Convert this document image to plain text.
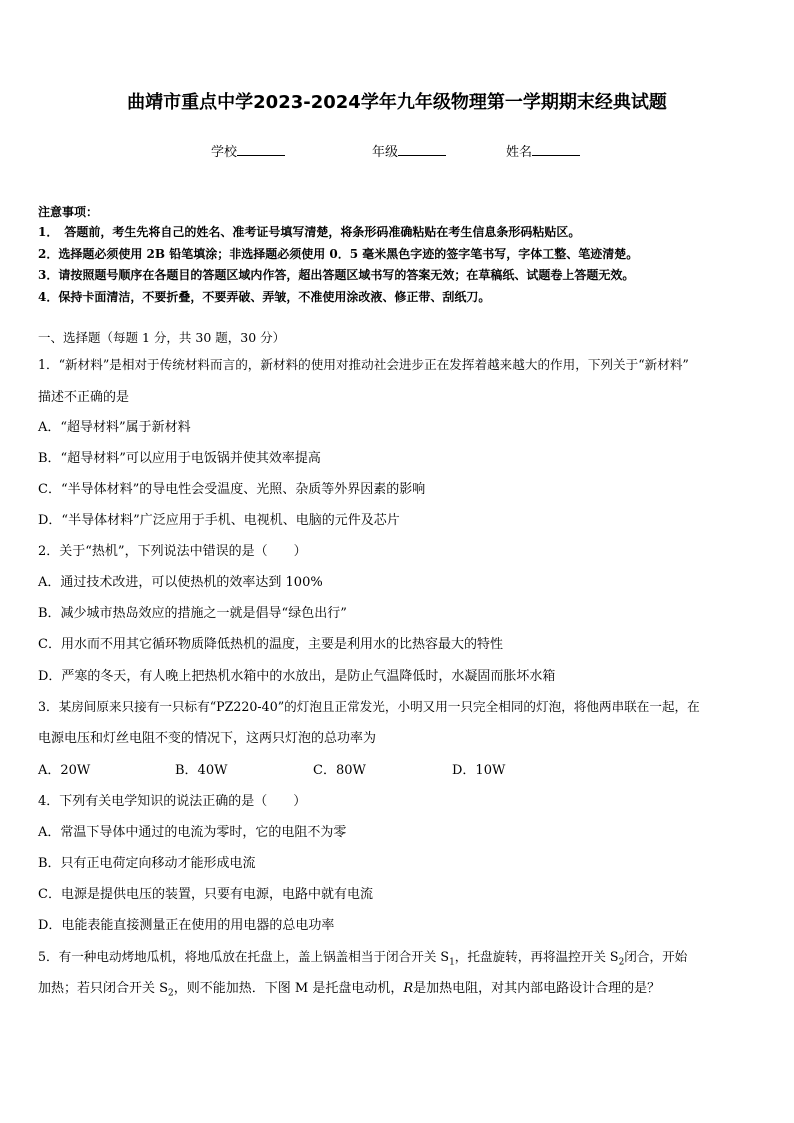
曲靖市重点中学2023-2024学年九年级物理第一学期期末经典试题
学校	年级	姓名
注意事项：
1．　答题前，考生先将自己的姓名、准考证号填写清楚，将条形码准确粘贴在考生信息条形码粘贴区。
2．选择题必须使用 2B 铅笔填涂；非选择题必须使用 0．5 毫米黑色字迹的签字笔书写，字体工整、笔迹清楚。
3．请按照题号顺序在各题目的答题区域内作答，超出答题区域书写的答案无效；在草稿纸、试题卷上答题无效。
4．保持卡面清洁，不要折叠，不要弄破、弄皱，不准使用涂改液、修正带、刮纸刀。
一、选择题（每题 1 分，共 30 题，30 分）
1．“新材料”是相对于传统材料而言的，新材料的使用对推动社会进步正在发挥着越来越大的作用，下列关于“新材料”
描述不正确的是
A．“超导材料”属于新材料
B．“超导材料”可以应用于电饭锅并使其效率提高
C．“半导体材料”的导电性会受温度、光照、杂质等外界因素的影响
D．“半导体材料”广泛应用于手机、电视机、电脑的元件及芯片
2．关于“热机”，下列说法中错误的是（　　）
A．通过技术改进，可以使热机的效率达到 100%
B．减少城市热岛效应的措施之一就是倡导“绿色出行”
C．用水而不用其它循环物质降低热机的温度，主要是利用水的比热容最大的特性
D．严寒的冬天，有人晚上把热机水箱中的水放出，是防止气温降低时，水凝固而胀坏水箱
3．某房间原来只接有一只标有“PZ220-40”的灯泡且正常发光，小明又用一只完全相同的灯泡，将他两串联在一起，在
电源电压和灯丝电阻不变的情况下，这两只灯泡的总功率为
A．20W	B．40W	C．80W	D．10W
4．下列有关电学知识的说法正确的是（　　）
A．常温下导体中通过的电流为零时，它的电阻不为零
B．只有正电荷定向移动才能形成电流
C．电源是提供电压的装置，只要有电源，电路中就有电流
D．电能表能直接测量正在使用的用电器的总电功率
5．有一种电动烤地瓜机，将地瓜放在托盘上，盖上锅盖相当于闭合开关 $S_1$，托盘旋转，再将温控开关 $S_2$闭合，开始
加热；若只闭合开关 $S_2$，则不能加热．下图 M 是托盘电动机，R是加热电阻，对其内部电路设计合理的是？
